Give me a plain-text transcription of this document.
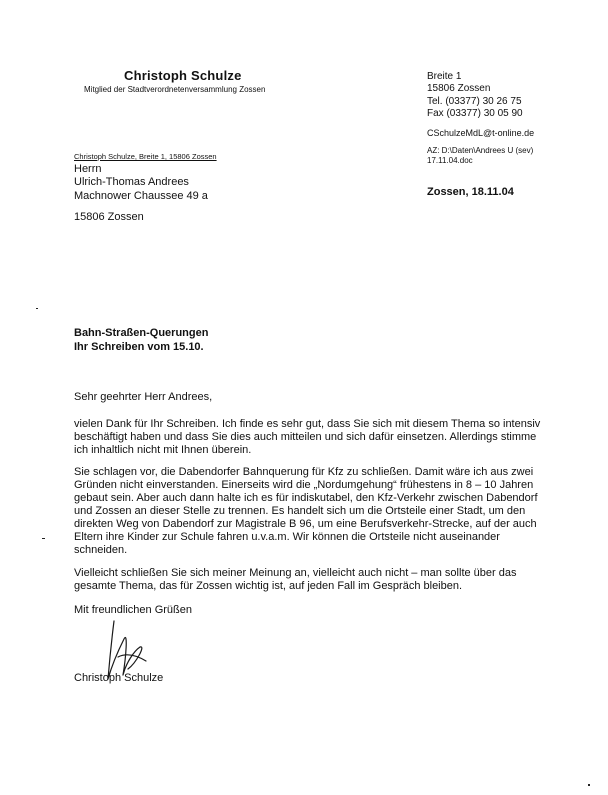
Christoph Schulze
Mitglied der Stadtverordnetenversammlung Zossen
Breite 1
15806 Zossen
Tel. (03377) 30 26 75
Fax (03377) 30 05 90
CSchulzeMdL@t-online.de
AZ: D:\Daten\Andrees U (sev)
17.11.04.doc
Christoph Schulze, Breite 1, 15806 Zossen
Herrn
Ulrich-Thomas Andrees
Machnower Chaussee 49 a
15806 Zossen
Zossen, 18.11.04
Bahn-Straßen-Querungen
Ihr Schreiben vom 15.10.
Sehr geehrter Herr Andrees,
vielen Dank für Ihr Schreiben. Ich finde es sehr gut, dass Sie sich mit diesem Thema so intensiv beschäftigt haben und dass Sie dies auch mitteilen und sich dafür einsetzen. Allerdings stimme ich inhaltlich nicht mit Ihnen überein.
Sie schlagen vor, die Dabendorfer Bahnquerung für Kfz zu schließen. Damit wäre ich aus zwei Gründen nicht einverstanden. Einerseits wird die „Nordumgehung“ frühestens in 8 – 10 Jahren gebaut sein. Aber auch dann halte ich es für indiskutabel, den Kfz-Verkehr zwischen Dabendorf und Zossen an dieser Stelle zu trennen. Es handelt sich um die Ortsteile einer Stadt, um den direkten Weg von Dabendorf zur Magistrale B 96, um eine Berufsverkehr-Strecke, auf der auch Eltern ihre Kinder zur Schule fahren u.v.a.m. Wir können die Ortsteile nicht auseinander schneiden.
Vielleicht schließen Sie sich meiner Meinung an, vielleicht auch nicht – man sollte über das gesamte Thema, das für Zossen wichtig ist, auf jeden Fall im Gespräch bleiben.
Mit freundlichen Grüßen
Christoph Schulze
